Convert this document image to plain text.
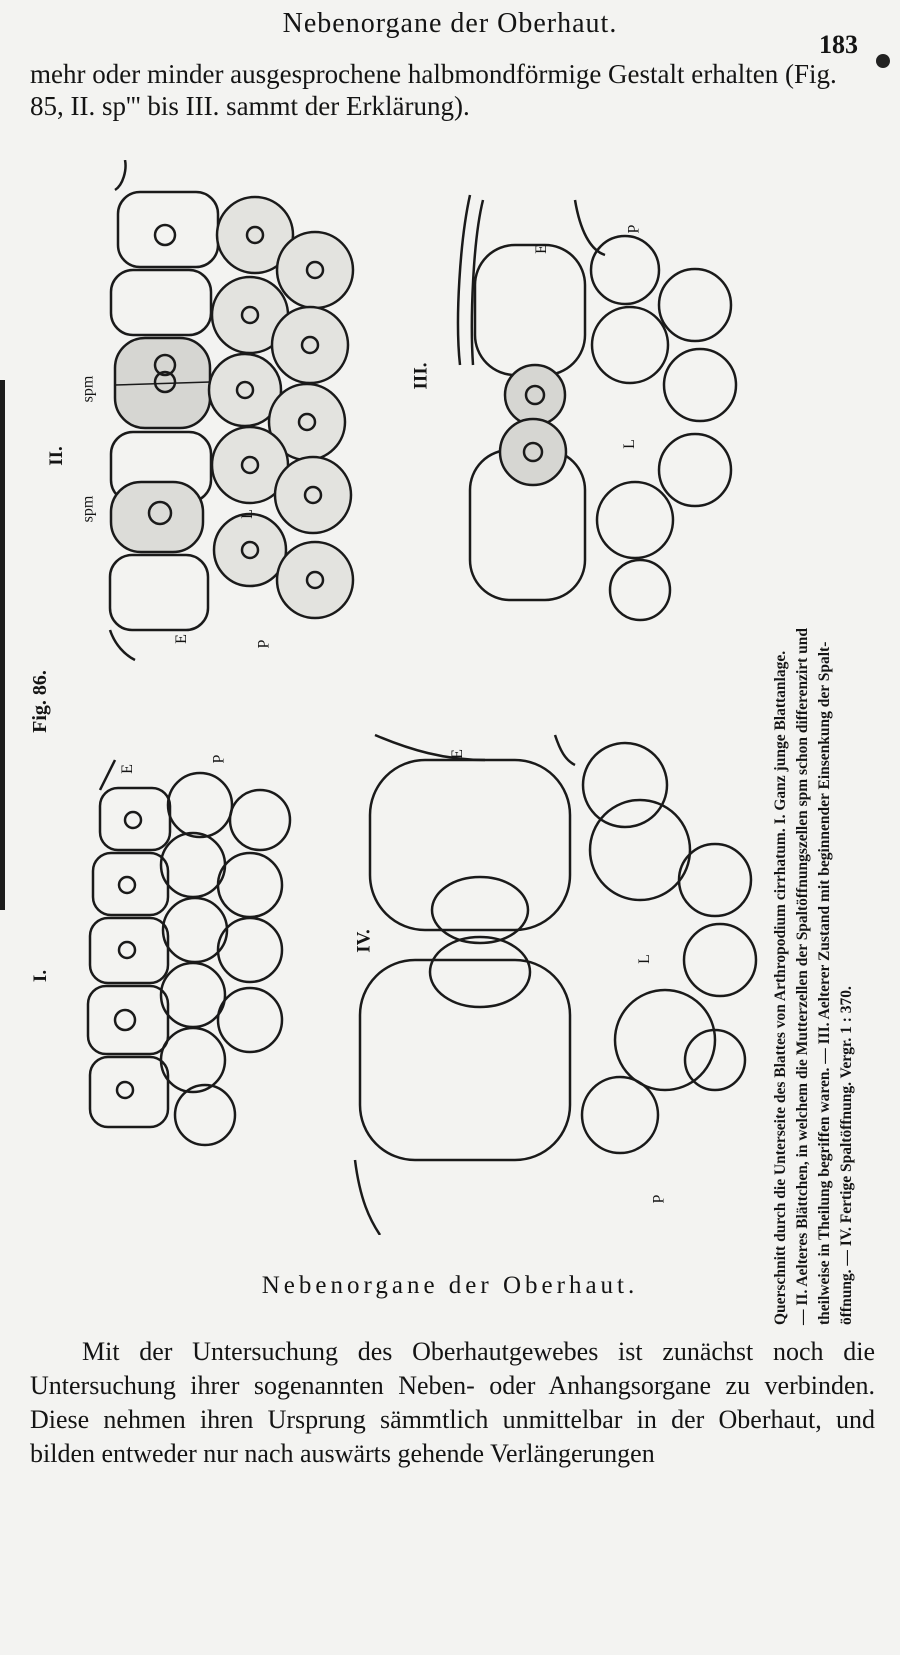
Nebenorgane der Oberhaut.
183

mehr oder minder ausgesprochene halbmondförmige Gestalt erhalten (Fig. 85, II. sp''' bis III. sammt der Erklärung).

Fig. 86.
I.
II.
III.
IV.
spm
spm
E
L
P
E
P
L
E
P
E
L
P	Querschnitt durch die Unterseite des Blattes von Arthropodium cirrhatum. I. Ganz junge Blattanlage. — II. Aelteres Blättchen, in welchem die Mutterzellen der Spaltöffnungszellen spm schon differenzirt und theilweise in Theilung begriffen waren. — III. Aelterer Zustand mit beginnender Einsenkung der Spalt- öffnung. — IV. Fertige Spaltöffnung. Vergr. 1 : 370.
Nebenorgane der Oberhaut.

Mit der Untersuchung des Oberhautgewebes ist zunächst noch die Untersuchung ihrer sogenannten Neben- oder Anhangsorgane zu verbinden. Diese nehmen ihren Ursprung sämmtlich unmittelbar in der Oberhaut, und bilden entweder nur nach auswärts gehende Verlängerungen
